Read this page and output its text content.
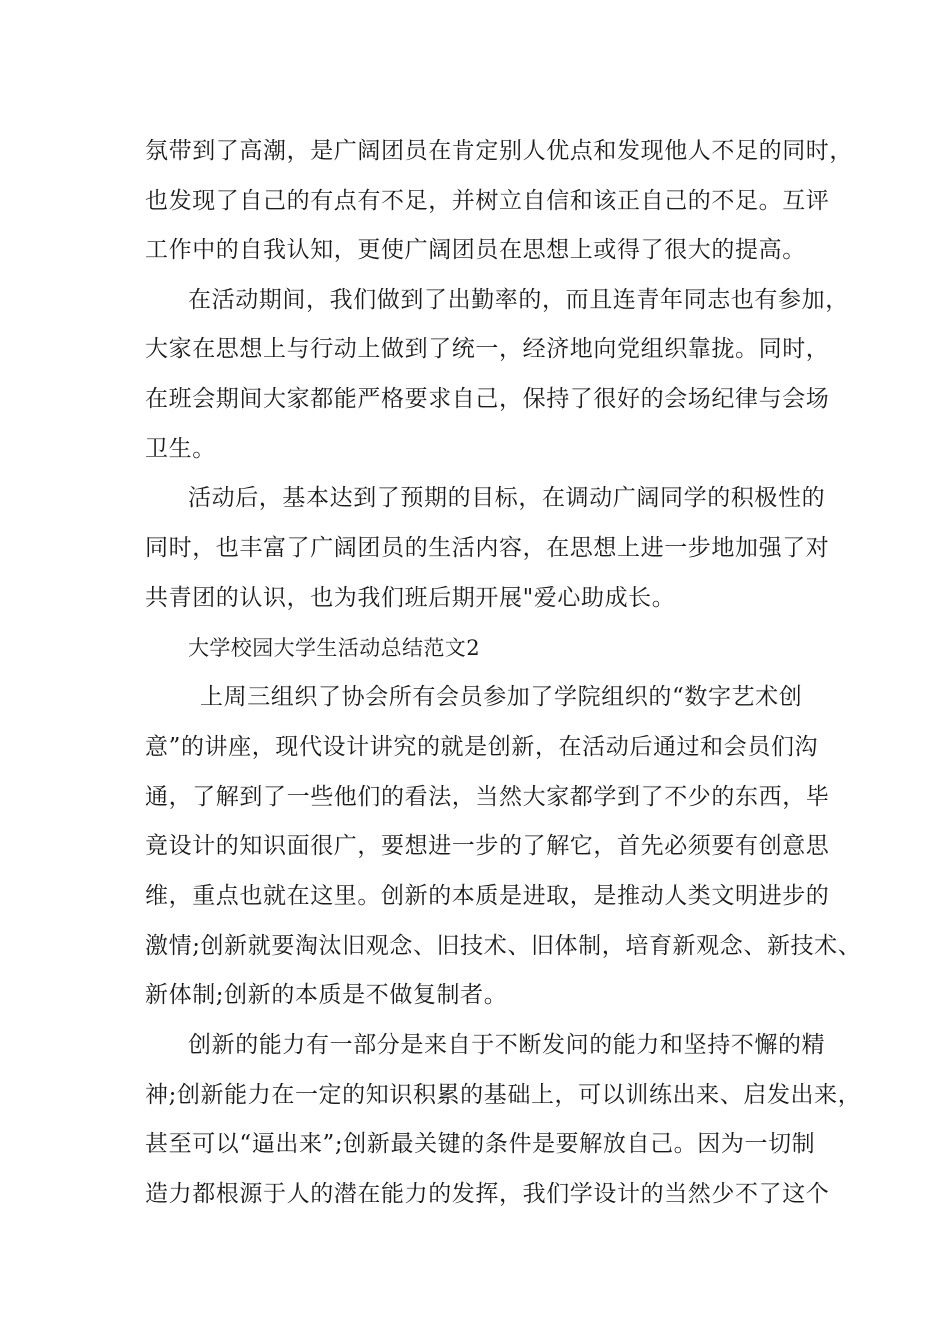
氛带到了高潮，是广阔团员在肯定别人优点和发现他人不足的同时，
也发现了自己的有点有不足，并树立自信和该正自己的不足。互评
工作中的自我认知，更使广阔团员在思想上或得了很大的提高。
在活动期间，我们做到了出勤率的，而且连青年同志也有参加，
大家在思想上与行动上做到了统一，经济地向党组织靠拢。同时，
在班会期间大家都能严格要求自己，保持了很好的会场纪律与会场
卫生。
活动后，基本达到了预期的目标，在调动广阔同学的积极性的
同时，也丰富了广阔团员的生活内容，在思想上进一步地加强了对
共青团的认识，也为我们班后期开展"爱心助成长。
大学校园大学生活动总结范文2
上周三组织了协会所有会员参加了学院组织的“数字艺术创
意”的讲座，现代设计讲究的就是创新，在活动后通过和会员们沟
通，了解到了一些他们的看法，当然大家都学到了不少的东西，毕
竟设计的知识面很广，要想进一步的了解它，首先必须要有创意思
维，重点也就在这里。创新的本质是进取，是推动人类文明进步的
激情;创新就要淘汰旧观念、旧技术、旧体制，培育新观念、新技术、
新体制;创新的本质是不做复制者。
创新的能力有一部分是来自于不断发问的能力和坚持不懈的精
神;创新能力在一定的知识积累的基础上，可以训练出来、启发出来，
甚至可以“逼出来”;创新最关键的条件是要解放自己。因为一切制
造力都根源于人的潜在能力的发挥，我们学设计的当然少不了这个
